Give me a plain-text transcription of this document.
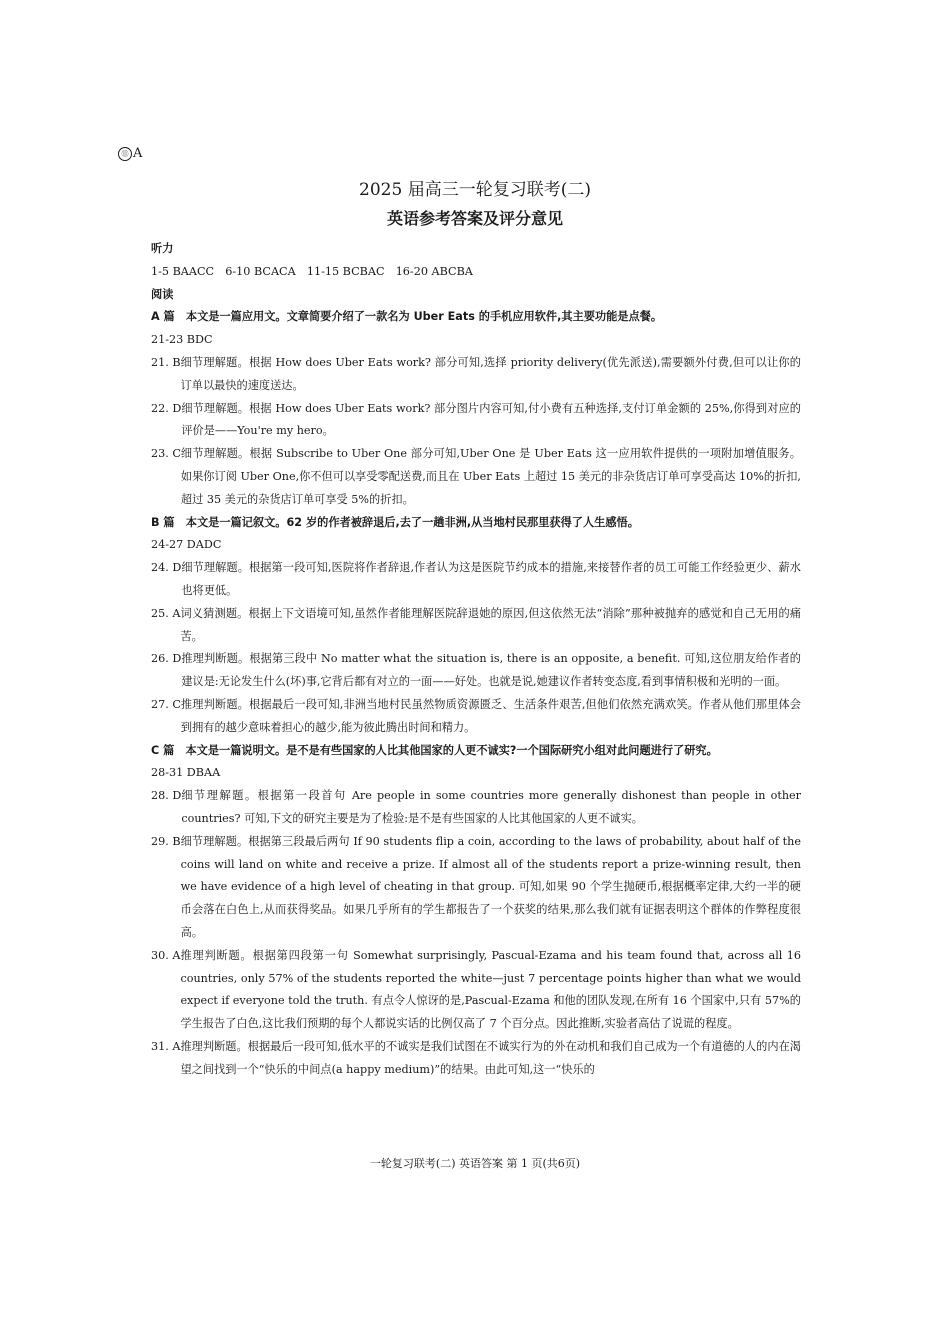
⑪ A
2025 届高三一轮复习联考(二)
英语参考答案及评分意见

听力

1-5 BAACC　6-10 BCACA　11-15 BCBAC　16-20 ABCBA

阅读

A 篇　本文是一篇应用文。文章简要介绍了一款名为 Uber Eats 的手机应用软件,其主要功能是点餐。

21-23 BDC

21. B 细节理解题。根据 How does Uber Eats work? 部分可知,选择 priority delivery(优先派送),需要额外付费,但可以让你的订单以最快的速度送达。
22. D 细节理解题。根据 How does Uber Eats work? 部分图片内容可知,付小费有五种选择,支付订单金额的 25%,你得到对应的评价是——You're my hero。
23. C 细节理解题。根据 Subscribe to Uber One 部分可知,Uber One 是 Uber Eats 这一应用软件提供的一项附加增值服务。如果你订阅 Uber One,你不但可以享受零配送费,而且在 Uber Eats 上超过 15 美元的非杂货店订单可享受高达 10%的折扣,超过 35 美元的杂货店订单可享受 5%的折扣。

B 篇　本文是一篇记叙文。62 岁的作者被辞退后,去了一趟非洲,从当地村民那里获得了人生感悟。

24-27 DADC

24. D 细节理解题。根据第一段可知,医院将作者辞退,作者认为这是医院节约成本的措施,来接替作者的员工可能工作经验更少、薪水也将更低。
25. A 词义猜测题。根据上下文语境可知,虽然作者能理解医院辞退她的原因,但这依然无法“消除”那种被抛弃的感觉和自己无用的痛苦。
26. D 推理判断题。根据第三段中 No matter what the situation is, there is an opposite, a benefit. 可知,这位朋友给作者的建议是:无论发生什么(坏)事,它背后都有对立的一面——好处。也就是说,她建议作者转变态度,看到事情积极和光明的一面。
27. C 推理判断题。根据最后一段可知,非洲当地村民虽然物质资源匮乏、生活条件艰苦,但他们依然充满欢笑。作者从他们那里体会到拥有的越少意味着担心的越少,能为彼此腾出时间和精力。

C 篇　本文是一篇说明文。是不是有些国家的人比其他国家的人更不诚实?一个国际研究小组对此问题进行了研究。

28-31 DBAA

28. D 细节理解题。根据第一段首句 Are people in some countries more generally dishonest than people in other countries? 可知,下文的研究主要是为了检验:是不是有些国家的人比其他国家的人更不诚实。
29. B 细节理解题。根据第三段最后两句 If 90 students flip a coin, according to the laws of probability, about half of the coins will land on white and receive a prize. If almost all of the students report a prize-winning result, then we have evidence of a high level of cheating in that group. 可知,如果 90 个学生抛硬币,根据概率定律,大约一半的硬币会落在白色上,从而获得奖品。如果几乎所有的学生都报告了一个获奖的结果,那么我们就有证据表明这个群体的作弊程度很高。
30. A 推理判断题。根据第四段第一句 Somewhat surprisingly, Pascual-Ezama and his team found that, across all 16 countries, only 57% of the students reported the white—just 7 percentage points higher than what we would expect if everyone told the truth. 有点令人惊讶的是,Pascual-Ezama 和他的团队发现,在所有 16 个国家中,只有 57%的学生报告了白色,这比我们预期的每个人都说实话的比例仅高了 7 个百分点。因此推断,实验者高估了说谎的程度。
31. A 推理判断题。根据最后一段可知,低水平的不诚实是我们试图在不诚实行为的外在动机和我们自己成为一个有道德的人的内在渴望之间找到一个“快乐的中间点(a happy medium)”的结果。由此可知,这一“快乐的
一轮复习联考(二) 英语答案 第 1 页(共6页)
